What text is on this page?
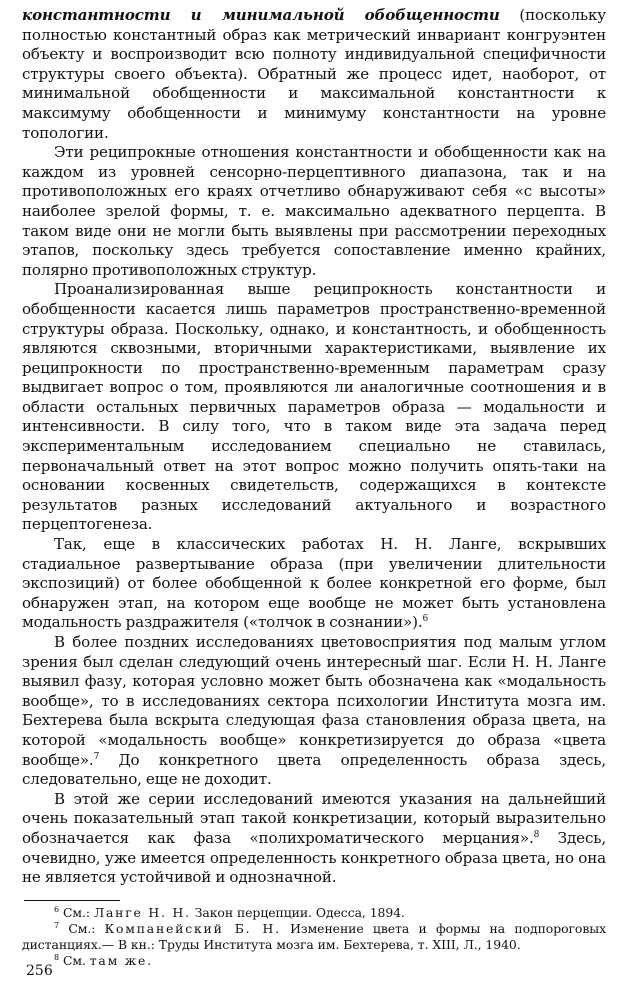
константности и минимальной обобщенности (поскольку полностью константный образ как метрический инвариант конгруэнтен объекту и воспроизводит всю полноту индивидуальной специфичности структуры своего объекта). Обратный же процесс идет, наоборот, от минимальной обобщенности и максимальной константности к максимуму обобщенности и минимуму константности на уровне топологии.

Эти реципрокные отношения константности и обобщенности как на каждом из уровней сенсорно-перцептивного диапазона, так и на противоположных его краях отчетливо обнаруживают себя «с высоты» наиболее зрелой формы, т. е. максимально адекватного перцепта. В таком виде они не могли быть выявлены при рассмотрении переходных этапов, поскольку здесь требуется сопоставление именно крайних, полярно противоположных структур.

Проанализированная выше реципрокность константности и обобщенности касается лишь параметров пространственно-временной структуры образа. Поскольку, однако, и константность, и обобщенность являются сквозными, вторичными характеристиками, выявление их реципрокности по пространственно-временным параметрам сразу выдвигает вопрос о том, проявляются ли аналогичные соотношения и в области остальных первичных параметров образа — модальности и интенсивности. В силу того, что в таком виде эта задача перед экспериментальным исследованием специально не ставилась, первоначальный ответ на этот вопрос можно получить опять-таки на основании косвенных свидетельств, содержащихся в контексте результатов разных исследований актуального и возрастного перцептогенеза.

Так, еще в классических работах Н. Н. Ланге, вскрывших стадиальное развертывание образа (при увеличении длительности экспозиций) от более обобщенной к более конкретной его форме, был обнаружен этап, на котором еще вообще не может быть установлена модальность раздражителя («толчок в сознании»).$^6$

В более поздних исследованиях цветовосприятия под малым углом зрения был сделан следующий очень интересный шаг. Если Н. Н. Ланге выявил фазу, которая условно может быть обозначена как «модальность вообще», то в исследованиях сектора психологии Института мозга им. Бехтерева была вскрыта следующая фаза становления образа цвета, на которой «модальность вообще» конкретизируется до образа «цвета вообще».$^7$ До конкретного цвета определенность образа здесь, следовательно, еще не доходит.

В этой же серии исследований имеются указания на дальнейший очень показательный этап такой конкретизации, который выразительно обозначается как фаза «полихроматического мерцания».$^8$ Здесь, очевидно, уже имеется определенность конкретного образа цвета, но она не является устойчивой и однозначной.

$^6$ См.: Ланге Н. Н. Закон перцепции. Одесса, 1894.

$^7$ См.: Компанейский Б. Н. Изменение цвета и формы на подпороговых дистанциях.— В кн.: Труды Института мозга им. Бехтерева, т. XIII, Л., 1940.

$^8$ См. там же.

256
